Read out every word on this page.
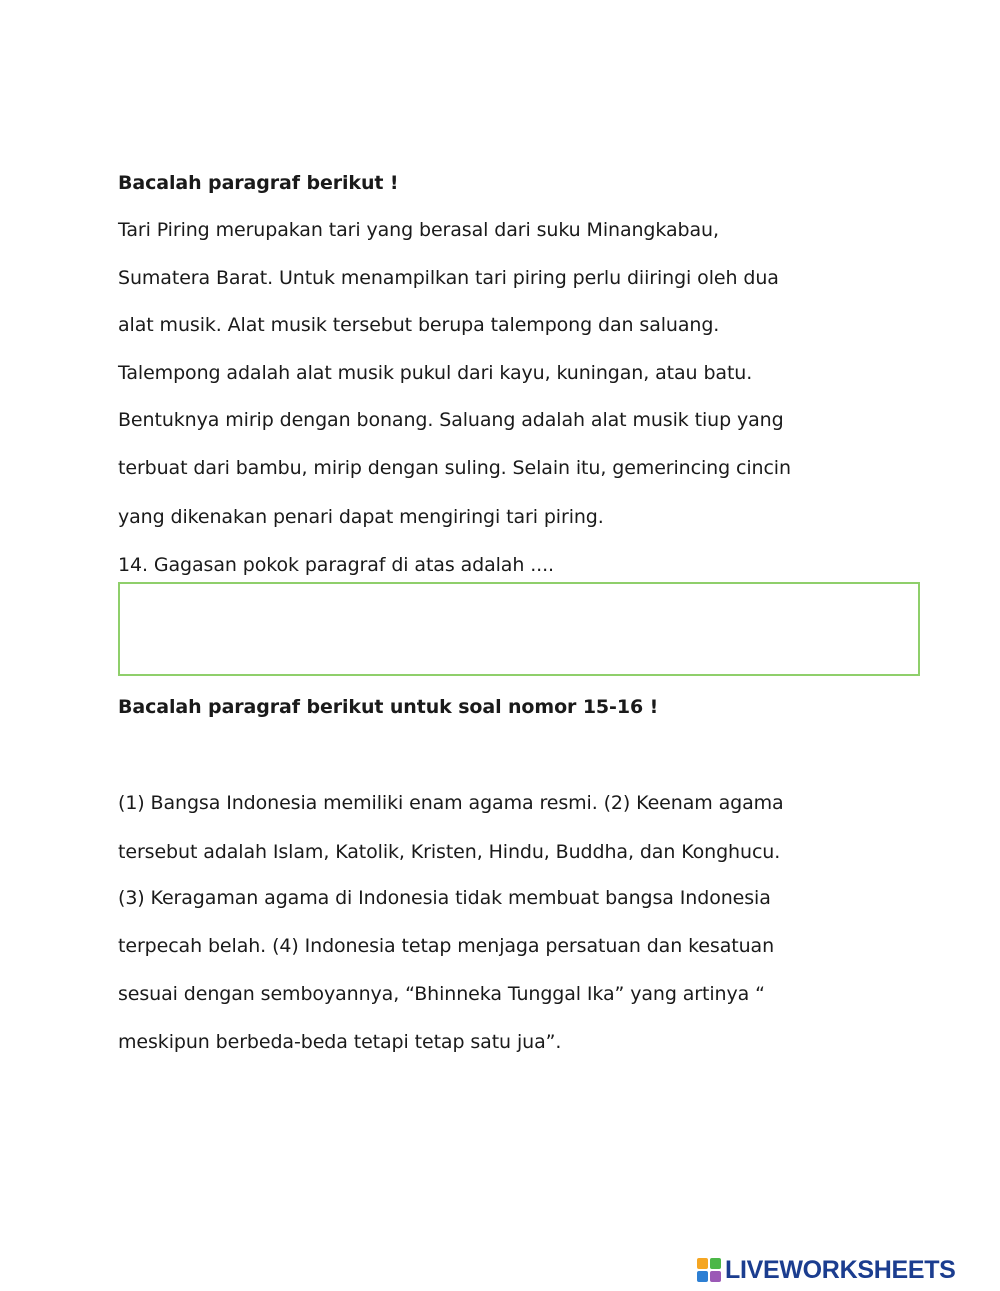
Bacalah paragraf berikut !
Tari Piring merupakan tari yang berasal dari suku Minangkabau,
Sumatera Barat. Untuk menampilkan tari piring perlu diiringi oleh dua
alat musik. Alat musik tersebut berupa talempong dan saluang.
Talempong adalah alat musik pukul dari kayu, kuningan, atau batu.
Bentuknya mirip dengan bonang. Saluang adalah alat musik tiup yang
terbuat dari bambu, mirip dengan suling. Selain itu, gemerincing cincin
yang dikenakan penari dapat mengiringi tari piring.
14. Gagasan pokok paragraf di atas adalah ....
Bacalah paragraf berikut untuk soal nomor 15-16 !
(1) Bangsa Indonesia memiliki enam agama resmi. (2) Keenam agama
tersebut adalah Islam, Katolik, Kristen, Hindu, Buddha, dan Konghucu.
(3) Keragaman agama di Indonesia tidak membuat bangsa Indonesia
terpecah belah. (4) Indonesia tetap menjaga persatuan dan kesatuan
sesuai dengan semboyannya, “Bhinneka Tunggal Ika” yang artinya “
meskipun berbeda-beda tetapi tetap satu jua”.
LIVEWORKSHEETS
